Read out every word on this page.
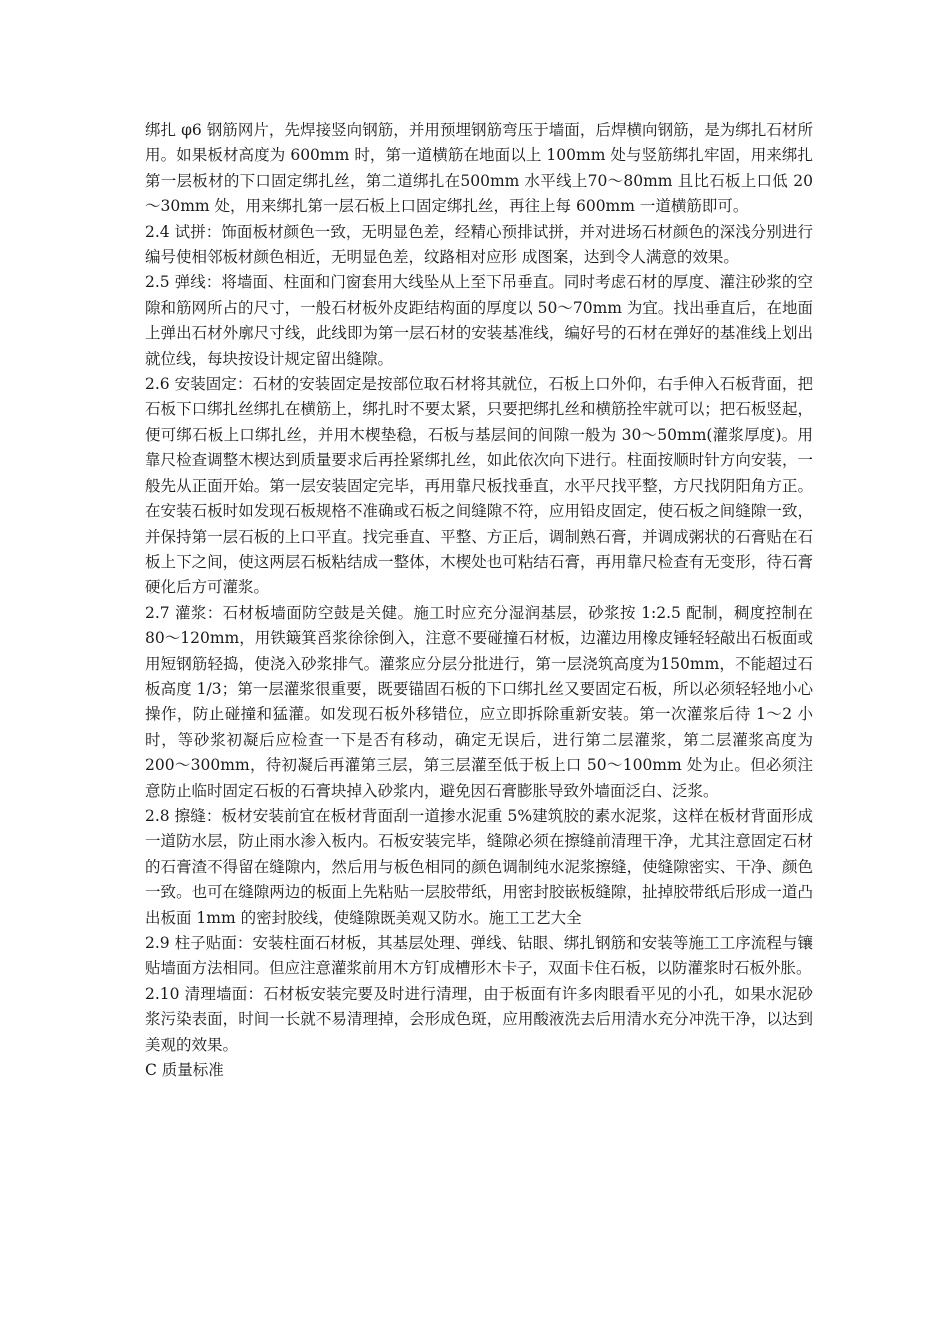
绑扎 φ6 钢筋网片，先焊接竖向钢筋，并用预埋钢筋弯压于墙面，后焊横向钢筋，是为绑扎石材所用。如果板材高度为 600mm 时，第一道横筋在地面以上 100mm 处与竖筋绑扎牢固，用来绑扎第一层板材的下口固定绑扎丝，第二道绑扎在500mm 水平线上70～80mm 且比石板上口低 20～30mm 处，用来绑扎第一层石板上口固定绑扎丝，再往上每 600mm 一道横筋即可。

2.4 试拼：饰面板材颜色一致，无明显色差，经精心预排试拼，并对进场石材颜色的深浅分别进行编号使相邻板材颜色相近，无明显色差，纹路相对应形 成图案，达到令人满意的效果。

2.5 弹线：将墙面、柱面和门窗套用大线坠从上至下吊垂直。同时考虑石材的厚度、灌注砂浆的空隙和筋网所占的尺寸，一般石材板外皮距结构面的厚度以 50～70mm 为宜。找出垂直后，在地面上弹出石材外廓尺寸线，此线即为第一层石材的安装基准线，编好号的石材在弹好的基准线上划出就位线，每块按设计规定留出缝隙。

2.6 安装固定：石材的安装固定是按部位取石材将其就位，石板上口外仰，右手伸入石板背面，把石板下口绑扎丝绑扎在横筋上，绑扎时不要太紧，只要把绑扎丝和横筋拴牢就可以；把石板竖起，便可绑石板上口绑扎丝，并用木楔垫稳，石板与基层间的间隙一般为 30～50mm(灌浆厚度)。用靠尺检查调整木楔达到质量要求后再拴紧绑扎丝，如此依次向下进行。柱面按顺时针方向安装，一般先从正面开始。第一层安装固定完毕，再用靠尺板找垂直，水平尺找平整，方尺找阴阳角方正。在安装石板时如发现石板规格不准确或石板之间缝隙不符，应用铅皮固定，使石板之间缝隙一致，并保持第一层石板的上口平直。找完垂直、平整、方正后，调制熟石膏，并调成粥状的石膏贴在石板上下之间，使这两层石板粘结成一整体，木楔处也可粘结石膏，再用靠尺检查有无变形，待石膏硬化后方可灌浆。

2.7 灌浆：石材板墙面防空鼓是关健。施工时应充分湿润基层，砂浆按 1:2.5 配制，稠度控制在 80～120mm，用铁簸箕舀浆徐徐倒入，注意不要碰撞石材板，边灌边用橡皮锤轻轻敲出石板面或用短钢筋轻捣，使浇入砂浆排气。灌浆应分层分批进行，第一层浇筑高度为150mm，不能超过石板高度 1/3；第一层灌浆很重要，既要锚固石板的下口绑扎丝又要固定石板，所以必须轻轻地小心操作，防止碰撞和猛灌。如发现石板外移错位，应立即拆除重新安装。第一次灌浆后待 1～2 小时，等砂浆初凝后应检查一下是否有移动，确定无误后，进行第二层灌浆，第二层灌浆高度为 200～300mm，待初凝后再灌第三层，第三层灌至低于板上口 50～100mm 处为止。但必须注意防止临时固定石板的石膏块掉入砂浆内，避免因石膏膨胀导致外墙面泛白、泛浆。

2.8 擦缝：板材安装前宜在板材背面刮一道掺水泥重 5%建筑胶的素水泥浆，这样在板材背面形成一道防水层，防止雨水渗入板内。石板安装完毕，缝隙必须在擦缝前清理干净，尤其注意固定石材的石膏渣不得留在缝隙内，然后用与板色相同的颜色调制纯水泥浆擦缝，使缝隙密实、干净、颜色一致。也可在缝隙两边的板面上先粘贴一层胶带纸，用密封胶嵌板缝隙，扯掉胶带纸后形成一道凸出板面 1mm 的密封胶线，使缝隙既美观又防水。施工工艺大全

2.9 柱子贴面：安装柱面石材板，其基层处理、弹线、钻眼、绑扎钢筋和安装等施工工序流程与镶贴墙面方法相同。但应注意灌浆前用木方钉成槽形木卡子，双面卡住石板，以防灌浆时石板外胀。

2.10 清理墙面：石材板安装完要及时进行清理，由于板面有许多肉眼看平见的小孔，如果水泥砂浆污染表面，时间一长就不易清理掉，会形成色斑，应用酸液洗去后用清水充分冲洗干净，以达到美观的效果。

C 质量标准
